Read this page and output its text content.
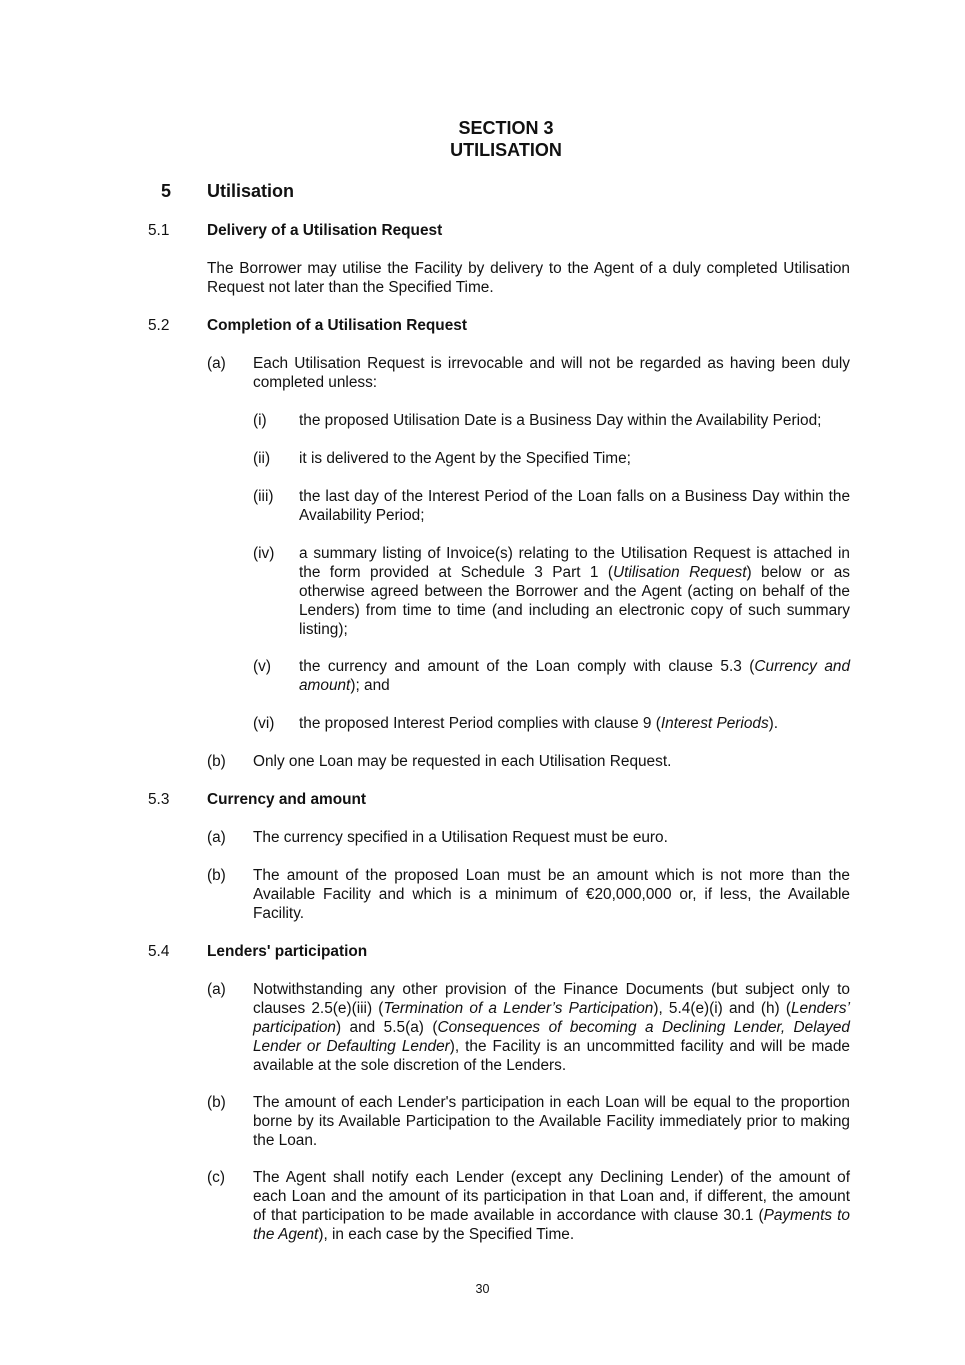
SECTION 3
UTILISATION
5 Utilisation
5.1 Delivery of a Utilisation Request
The Borrower may utilise the Facility by delivery to the Agent of a duly completed Utilisation Request not later than the Specified Time.
5.2 Completion of a Utilisation Request
(a) Each Utilisation Request is irrevocable and will not be regarded as having been duly completed unless:
(i) the proposed Utilisation Date is a Business Day within the Availability Period;
(ii) it is delivered to the Agent by the Specified Time;
(iii) the last day of the Interest Period of the Loan falls on a Business Day within the Availability Period;
(iv) a summary listing of Invoice(s) relating to the Utilisation Request is attached in the form provided at Schedule 3 Part 1 (Utilisation Request) below or as otherwise agreed between the Borrower and the Agent (acting on behalf of the Lenders) from time to time (and including an electronic copy of such summary listing);
(v) the currency and amount of the Loan comply with clause 5.3 (Currency and amount); and
(vi) the proposed Interest Period complies with clause 9 (Interest Periods).
(b) Only one Loan may be requested in each Utilisation Request.
5.3 Currency and amount
(a) The currency specified in a Utilisation Request must be euro.
(b) The amount of the proposed Loan must be an amount which is not more than the Available Facility and which is a minimum of €20,000,000 or, if less, the Available Facility.
5.4 Lenders' participation
(a) Notwithstanding any other provision of the Finance Documents (but subject only to clauses 2.5(e)(iii) (Termination of a Lender’s Participation), 5.4(e)(i) and (h) (Lenders’ participation) and 5.5(a) (Consequences of becoming a Declining Lender, Delayed Lender or Defaulting Lender), the Facility is an uncommitted facility and will be made available at the sole discretion of the Lenders.
(b) The amount of each Lender's participation in each Loan will be equal to the proportion borne by its Available Participation to the Available Facility immediately prior to making the Loan.
(c) The Agent shall notify each Lender (except any Declining Lender) of the amount of each Loan and the amount of its participation in that Loan and, if different, the amount of that participation to be made available in accordance with clause 30.1 (Payments to the Agent), in each case by the Specified Time.
30
